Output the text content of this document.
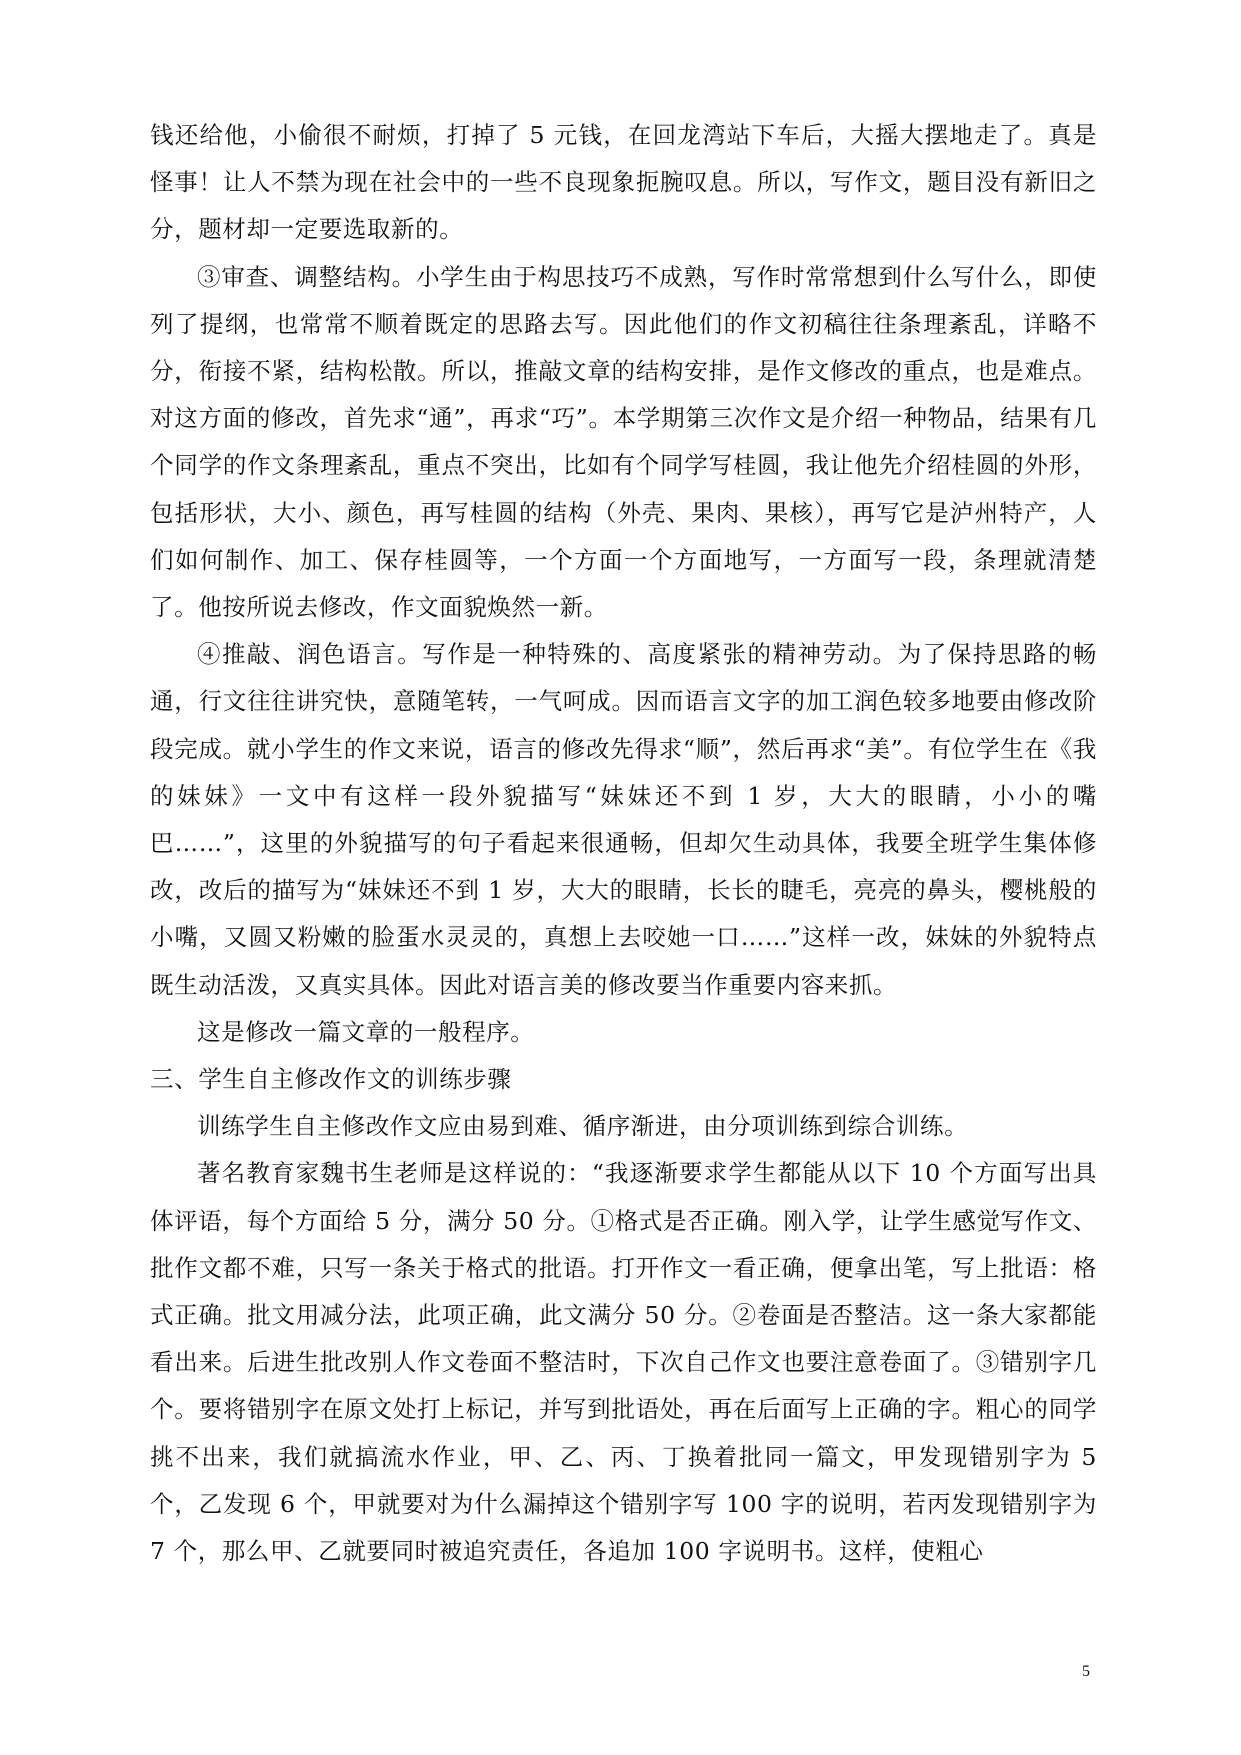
钱还给他，小偷很不耐烦，打掉了 5 元钱，在回龙湾站下车后，大摇大摆地走了。真是怪事！让人不禁为现在社会中的一些不良现象扼腕叹息。所以，写作文，题目没有新旧之分，题材却一定要选取新的。

③审查、调整结构。小学生由于构思技巧不成熟，写作时常常想到什么写什么，即使列了提纲，也常常不顺着既定的思路去写。因此他们的作文初稿往往条理紊乱，详略不分，衔接不紧，结构松散。所以，推敲文章的结构安排，是作文修改的重点，也是难点。对这方面的修改，首先求“通”，再求“巧”。本学期第三次作文是介绍一种物品，结果有几个同学的作文条理紊乱，重点不突出，比如有个同学写桂圆，我让他先介绍桂圆的外形，包括形状，大小、颜色，再写桂圆的结构（外壳、果肉、果核），再写它是泸州特产，人们如何制作、加工、保存桂圆等，一个方面一个方面地写，一方面写一段，条理就清楚了。他按所说去修改，作文面貌焕然一新。

④推敲、润色语言。写作是一种特殊的、高度紧张的精神劳动。为了保持思路的畅通，行文往往讲究快，意随笔转，一气呵成。因而语言文字的加工润色较多地要由修改阶段完成。就小学生的作文来说，语言的修改先得求“顺”，然后再求“美”。有位学生在《我的妹妹》一文中有这样一段外貌描写“妹妹还不到 1 岁，大大的眼睛，小小的嘴巴……”，这里的外貌描写的句子看起来很通畅，但却欠生动具体，我要全班学生集体修改，改后的描写为“妹妹还不到 1 岁，大大的眼睛，长长的睫毛，亮亮的鼻头，樱桃般的小嘴，又圆又粉嫩的脸蛋水灵灵的，真想上去咬她一口……”这样一改，妹妹的外貌特点既生动活泼，又真实具体。因此对语言美的修改要当作重要内容来抓。

这是修改一篇文章的一般程序。

三、学生自主修改作文的训练步骤

训练学生自主修改作文应由易到难、循序渐进，由分项训练到综合训练。

著名教育家魏书生老师是这样说的：“我逐渐要求学生都能从以下 10 个方面写出具体评语，每个方面给 5 分，满分 50 分。①格式是否正确。刚入学，让学生感觉写作文、批作文都不难，只写一条关于格式的批语。打开作文一看正确，便拿出笔，写上批语：格式正确。批文用减分法，此项正确，此文满分 50 分。②卷面是否整洁。这一条大家都能看出来。后进生批改别人作文卷面不整洁时，下次自己作文也要注意卷面了。③错别字几个。要将错别字在原文处打上标记，并写到批语处，再在后面写上正确的字。粗心的同学挑不出来，我们就搞流水作业，甲、乙、丙、丁换着批同一篇文，甲发现错别字为 5 个，乙发现 6 个，甲就要对为什么漏掉这个错别字写 100 字的说明，若丙发现错别字为 7 个，那么甲、乙就要同时被追究责任，各追加 100 字说明书。这样，使粗心

5
